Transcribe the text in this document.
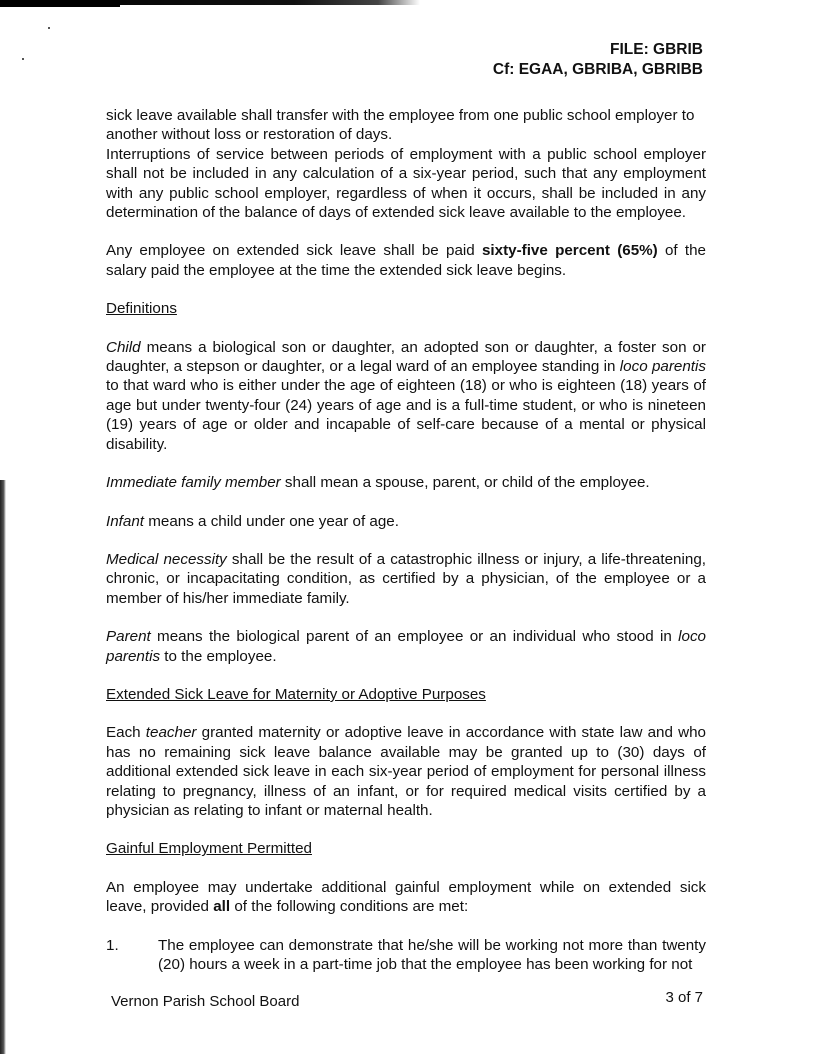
FILE: GBRIB
Cf: EGAA, GBRIBA, GBRIBB

sick leave available shall transfer with the employee from one public school employer to another without loss or restoration of days.

Interruptions of service between periods of employment with a public school employer shall not be included in any calculation of a six-year period, such that any employment with any public school employer, regardless of when it occurs, shall be included in any determination of the balance of days of extended sick leave available to the employee.

Any employee on extended sick leave shall be paid sixty-five percent (65%) of the salary paid the employee at the time the extended sick leave begins.

Definitions

Child means a biological son or daughter, an adopted son or daughter, a foster son or daughter, a stepson or daughter, or a legal ward of an employee standing in loco parentis to that ward who is either under the age of eighteen (18) or who is eighteen (18) years of age but under twenty-four (24) years of age and is a full-time student, or who is nineteen (19) years of age or older and incapable of self-care because of a mental or physical disability.

Immediate family member shall mean a spouse, parent, or child of the employee.

Infant means a child under one year of age.

Medical necessity shall be the result of a catastrophic illness or injury, a life-threatening, chronic, or incapacitating condition, as certified by a physician, of the employee or a member of his/her immediate family.

Parent means the biological parent of an employee or an individual who stood in loco parentis to the employee.

Extended Sick Leave for Maternity or Adoptive Purposes

Each teacher granted maternity or adoptive leave in accordance with state law and who has no remaining sick leave balance available may be granted up to (30) days of additional extended sick leave in each six-year period of employment for personal illness relating to pregnancy, illness of an infant, or for required medical visits certified by a physician as relating to infant or maternal health.

Gainful Employment Permitted

An employee may undertake additional gainful employment while on extended sick leave, provided all of the following conditions are met:

1.	The employee can demonstrate that he/she will be working not more than twenty (20) hours a week in a part-time job that the employee has been working for not
Vernon Parish School Board	3 of 7
